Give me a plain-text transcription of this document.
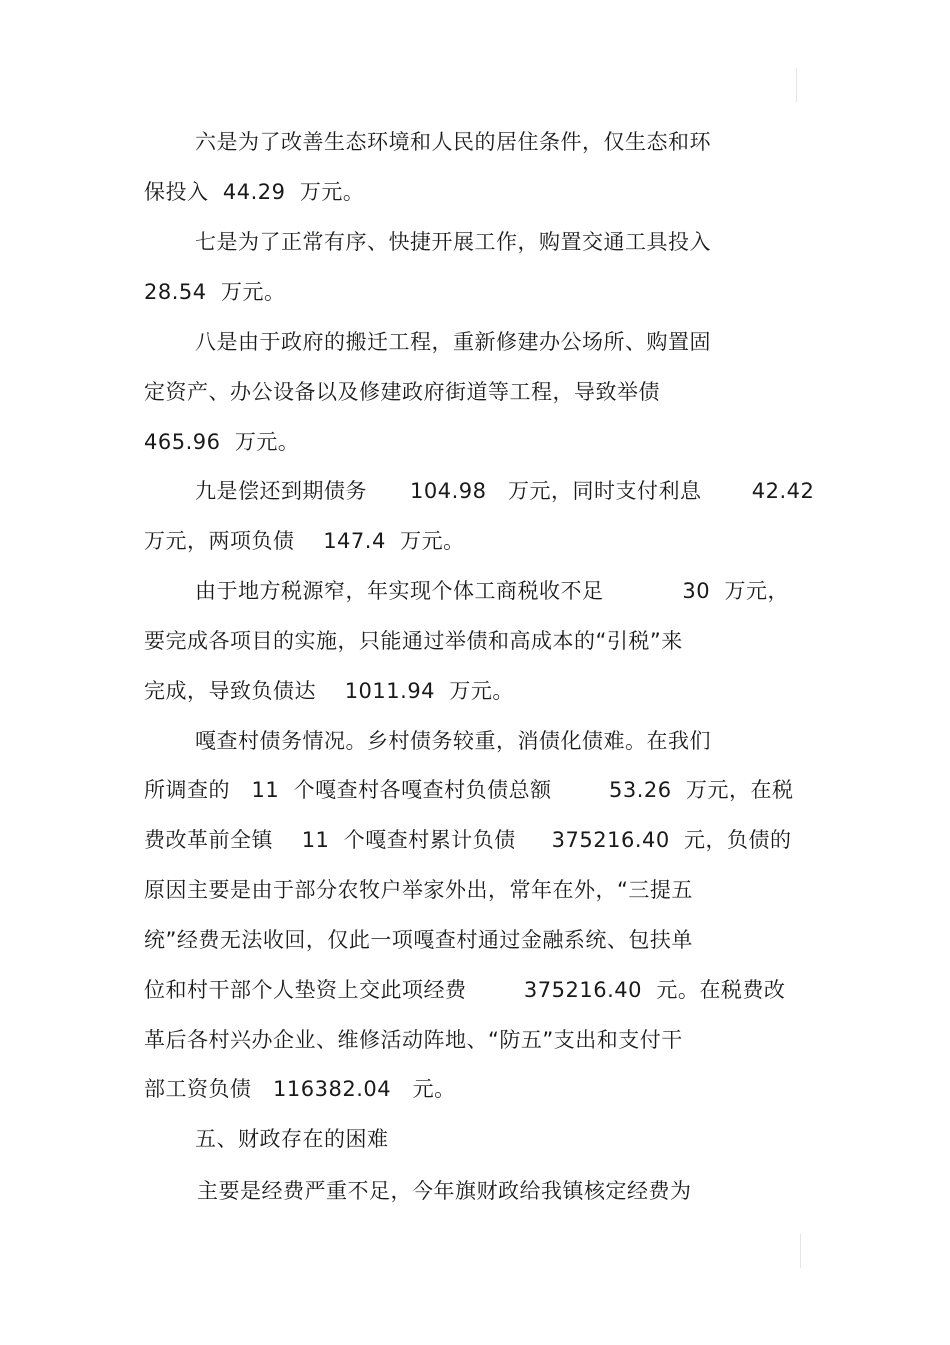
六是为了改善生态环境和人民的居住条件，仅生态和环
保投入  44.29  万元。
七是为了正常有序、快捷开展工作，购置交通工具投入
28.54  万元。
八是由于政府的搬迁工程，重新修建办公场所、购置固
定资产、办公设备以及修建政府街道等工程，导致举债
465.96  万元。
九是偿还到期债务      104.98   万元，同时支付利息       42.42
万元，两项负债    147.4  万元。
由于地方税源窄，年实现个体工商税收不足           30  万元，
要完成各项目的实施，只能通过举债和高成本的“引税”来
完成，导致负债达    1011.94  万元。
嘎查村债务情况。乡村债务较重，消债化债难。在我们
所调查的   11  个嘎查村各嘎查村负债总额        53.26  万元，在税
费改革前全镇    11  个嘎查村累计负债     375216.40  元，负债的
原因主要是由于部分农牧户举家外出，常年在外，“三提五
统”经费无法收回，仅此一项嘎查村通过金融系统、包扶单
位和村干部个人垫资上交此项经费        375216.40  元。在税费改
革后各村兴办企业、维修活动阵地、“防五”支出和支付干
部工资负债   116382.04   元。
五、财政存在的困难
主要是经费严重不足，今年旗财政给我镇核定经费为
